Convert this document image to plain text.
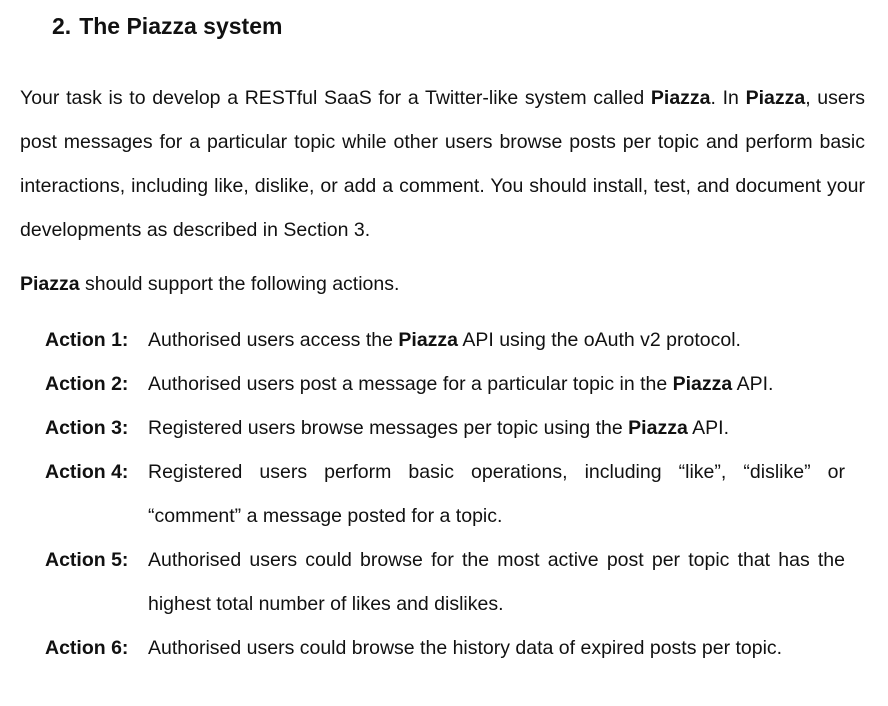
2. The Piazza system

Your task is to develop a RESTful SaaS for a Twitter-like system called Piazza. In Piazza, users post messages for a particular topic while other users browse posts per topic and perform basic interactions, including like, dislike, or add a comment. You should install, test, and document your developments as described in Section 3.

Piazza should support the following actions.

Action 1:	Authorised users access the Piazza API using the oAuth v2 protocol.
Action 2:	Authorised users post a message for a particular topic in the Piazza API.
Action 3:	Registered users browse messages per topic using the Piazza API.
Action 4:	Registered users perform basic operations, including “like”, “dislike” or “comment” a message posted for a topic.
Action 5:	Authorised users could browse for the most active post per topic that has the highest total number of likes and dislikes.
Action 6:	Authorised users could browse the history data of expired posts per topic.
